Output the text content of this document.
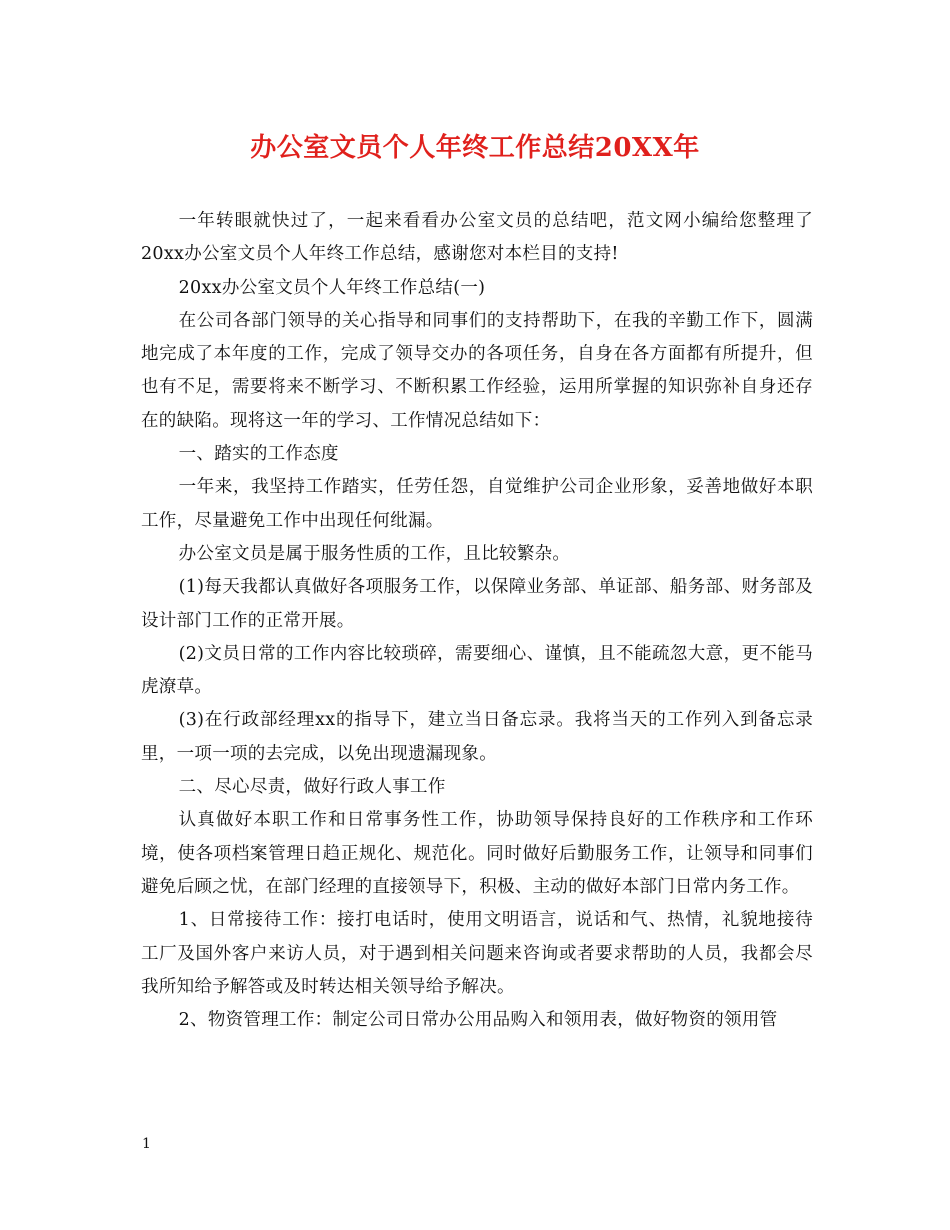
办公室文员个人年终工作总结20XX年

一年转眼就快过了，一起来看看办公室文员的总结吧，范文网小编给您整理了20xx办公室文员个人年终工作总结，感谢您对本栏目的支持!

20xx办公室文员个人年终工作总结(一)

在公司各部门领导的关心指导和同事们的支持帮助下，在我的辛勤工作下，圆满地完成了本年度的工作，完成了领导交办的各项任务，自身在各方面都有所提升，但也有不足，需要将来不断学习、不断积累工作经验，运用所掌握的知识弥补自身还存在的缺陷。现将这一年的学习、工作情况总结如下：

一、踏实的工作态度

一年来，我坚持工作踏实，任劳任怨，自觉维护公司企业形象，妥善地做好本职工作，尽量避免工作中出现任何纰漏。

办公室文员是属于服务性质的工作，且比较繁杂。

(1)每天我都认真做好各项服务工作，以保障业务部、单证部、船务部、财务部及设计部门工作的正常开展。

(2)文员日常的工作内容比较琐碎，需要细心、谨慎，且不能疏忽大意，更不能马虎潦草。

(3)在行政部经理xx的指导下，建立当日备忘录。我将当天的工作列入到备忘录里，一项一项的去完成，以免出现遗漏现象。

二、尽心尽责，做好行政人事工作

认真做好本职工作和日常事务性工作，协助领导保持良好的工作秩序和工作环境，使各项档案管理日趋正规化、规范化。同时做好后勤服务工作，让领导和同事们避免后顾之忧，在部门经理的直接领导下，积极、主动的做好本部门日常内务工作。

1、日常接待工作：接打电话时，使用文明语言，说话和气、热情，礼貌地接待工厂及国外客户来访人员，对于遇到相关问题来咨询或者要求帮助的人员，我都会尽我所知给予解答或及时转达相关领导给予解决。

2、物资管理工作：制定公司日常办公用品购入和领用表，做好物资的领用管

1
